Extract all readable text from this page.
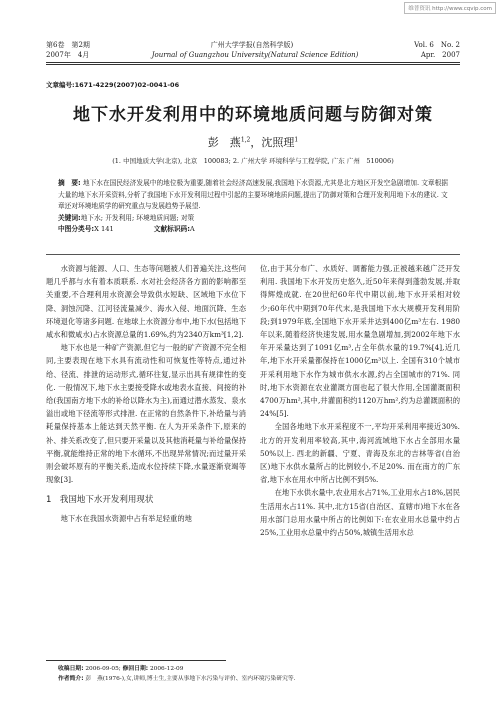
维普资讯 http://www.cqvip.com
第6卷　第2期	广州大学学报(自然科学版)	Vol. 6　No. 2
2007年　4月	Journal of Guangzhou University(Natural Science Edition)	Apr.　2007
文章编号:1671-4229(2007)02-0041-06
地下水开发利用中的环境地质问题与防御对策
彭　燕$^{1,2}$，沈照理$^1$
(1. 中国地质大学(北京), 北京　100083; 2. 广州大学 环境科学与工程学院, 广东 广州　510006)

摘　要: 地下水在国民经济发展中的地位极为重要,随着社会经济高速发展,我国地下水资源,尤其是北方地区开发空急剧增加. 文章根据大量的地下水开采资料,分析了我国地下水开发利用过程中引起的主要环境地质问题,提出了防御对策和合理开发利用地下水的建议. 文章还对环境地质学的研究重点与发展趋势予展望.

关键词:地下水; 开发利用; 环境地质问题; 对策

中图分类号:X 141	文献标识码:A

水资源与能源、人口、生态等问题被人们普遍关注,这些问题几乎都与水有着本质联系. 水对社会经济各方面的影响都至关重要,不合理利用水资源会导致供水短缺、区域地下水位下降、洞蚀沉降、江河径流量减少、海水入侵、地面沉降、生态环境退化等诸多问题. 在地球上水资源分布中,地下水(包括地下咸水和微咸水)占水资源总量的1.69%,约为2340万km³[1,2].

地下水也是一种矿产资源,但它与一般的矿产资源不完全相同,主要表现在地下水具有流动性和可恢复性等特点,通过补给、径流、排泄的运动形式,循环往复,显示出具有规律性的变化. 一般情况下,地下水主要接受降水或地表水直接、间接的补给(我国南方地下水的补给以降水为主),而通过潜水蒸发、泉水溢出或地下径流等形式排泄. 在正常的自然条件下,补给量与消耗量保持基本上能达到天然平衡. 在人为开采条件下,原来的补、排关系改变了,但只要开采量以及其他消耗量与补给量保持平衡,就能维持正常的地下水循环,不出现异常情况;而过量开采则会破坏原有的平衡关系,造成水位持续下降,水量逐渐衰竭等现象[3].

1　我国地下水开发利用现状

地下水在我国水资源中占有举足轻重的地

位,由于其分布广、水质好、调蓄能力强,正被越来越广泛开发利用. 我国地下水开发历史悠久,近50年来得到蓬勃发展,并取得辉煌成就. 在20世纪60年代中期以前,地下水开采相对较少;60年代中期到70年代末,是我国地下水大规模开发利用阶段;到1979年底,全国地下水开采井达到400亿m³左右. 1980年以来,随着经济快速发展,用水量急剧增加,到2002年地下水年开采量达到了1091亿m³,占全年供水量的19.7%[4],近几年,地下水开采量都保持在1000亿m³以上. 全国有310个城市开采利用地下水作为城市供水水源,约占全国城市的71%. 同时,地下水资源在农业灌溉方面也起了很大作用,全国灌溉面积4700万hm²,其中,井灌面积约1120万hm²,约为总灌溉面积的24%[5].

全国各地地下水开采程度不一,平均开采利用率接近30%. 北方的开发利用率较高,其中,海河流域地下水占全部用水量50%以上. 西北的新疆、宁夏、青海及东北的吉林等省(自治区)地下水供水量所占的比例较小,不足20%. 而在南方的广东省,地下水在用水中所占比例不到5%.

在地下水供水量中,农业用水占71%,工业用水占18%,居民生活用水占11%. 其中,北方15省(自治区、直辖市)地下水在各用水部门总用水量中所占的比例如下:在农业用水总量中约占25%,工业用水总量中约占50%,城镇生活用水总

收稿日期: 2006-09-05; 修回日期: 2006-12-09
作者简介: 彭　燕(1976-),女,讲师,博士生,主要从事地下水污染与评价、室内环境污染研究等.
